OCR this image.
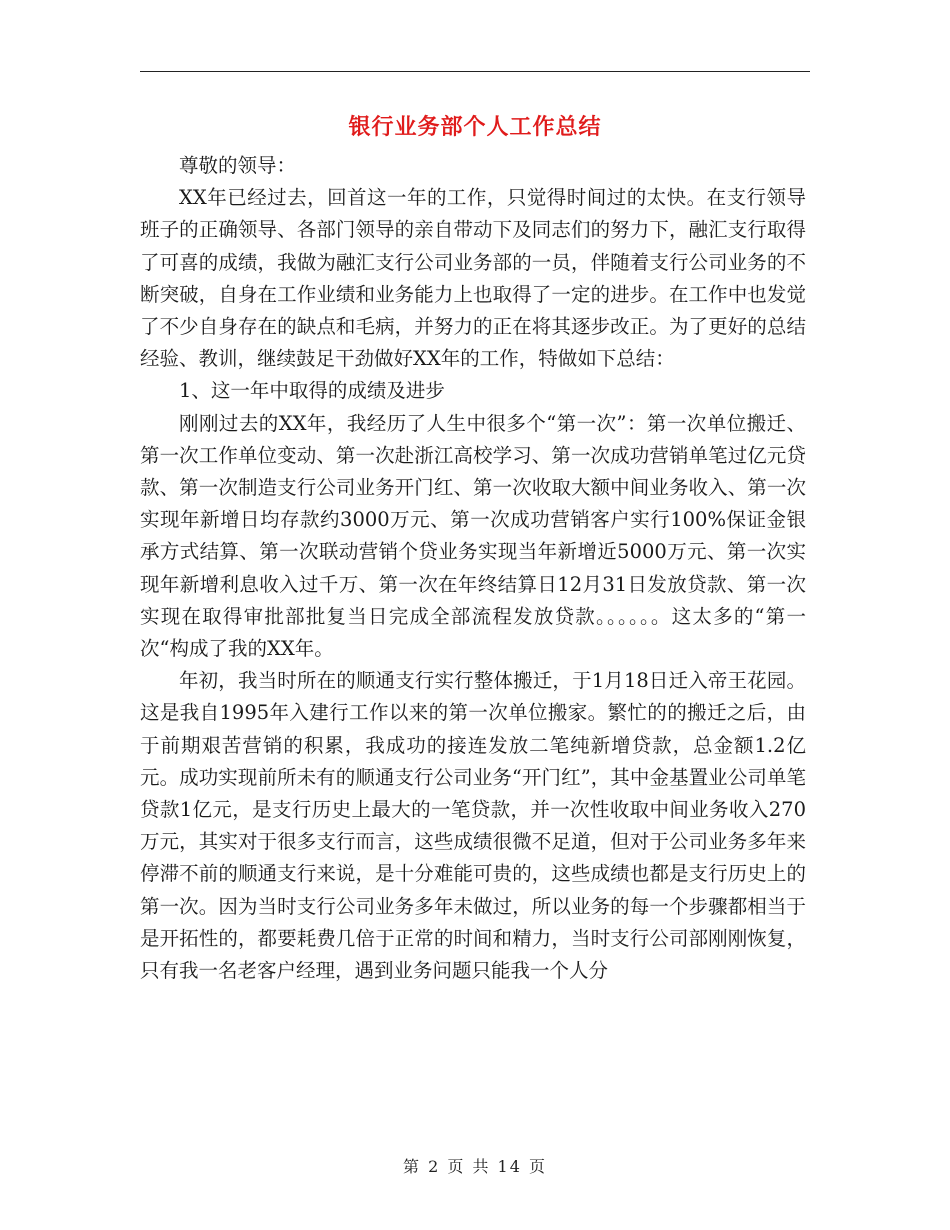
银行业务部个人工作总结

尊敬的领导：

XX年已经过去，回首这一年的工作，只觉得时间过的太快。在支行领导班子的正确领导、各部门领导的亲自带动下及同志们的努力下，融汇支行取得了可喜的成绩，我做为融汇支行公司业务部的一员，伴随着支行公司业务的不断突破，自身在工作业绩和业务能力上也取得了一定的进步。在工作中也发觉了不少自身存在的缺点和毛病，并努力的正在将其逐步改正。为了更好的总结经验、教训，继续鼓足干劲做好XX年的工作，特做如下总结：

1、这一年中取得的成绩及进步

刚刚过去的XX年，我经历了人生中很多个“第一次”：第一次单位搬迁、第一次工作单位变动、第一次赴浙江高校学习、第一次成功营销单笔过亿元贷款、第一次制造支行公司业务开门红、第一次收取大额中间业务收入、第一次实现年新增日均存款约3000万元、第一次成功营销客户实行100%保证金银承方式结算、第一次联动营销个贷业务实现当年新增近5000万元、第一次实现年新增利息收入过千万、第一次在年终结算日12月31日发放贷款、第一次实现在取得审批部批复当日完成全部流程发放贷款。。。。。。这太多的“第一次“构成了我的XX年。

年初，我当时所在的顺通支行实行整体搬迁，于1月18日迁入帝王花园。这是我自1995年入建行工作以来的第一次单位搬家。繁忙的的搬迁之后，由于前期艰苦营销的积累，我成功的接连发放二笔纯新增贷款，总金额1.2亿元。成功实现前所未有的顺通支行公司业务“开门红”，其中金基置业公司单笔贷款1亿元，是支行历史上最大的一笔贷款，并一次性收取中间业务收入270万元，其实对于很多支行而言，这些成绩很微不足道，但对于公司业务多年来停滞不前的顺通支行来说，是十分难能可贵的，这些成绩也都是支行历史上的第一次。因为当时支行公司业务多年未做过，所以业务的每一个步骤都相当于是开拓性的，都要耗费几倍于正常的时间和精力，当时支行公司部刚刚恢复，只有我一名老客户经理，遇到业务问题只能我一个人分

第 2 页 共 14 页
